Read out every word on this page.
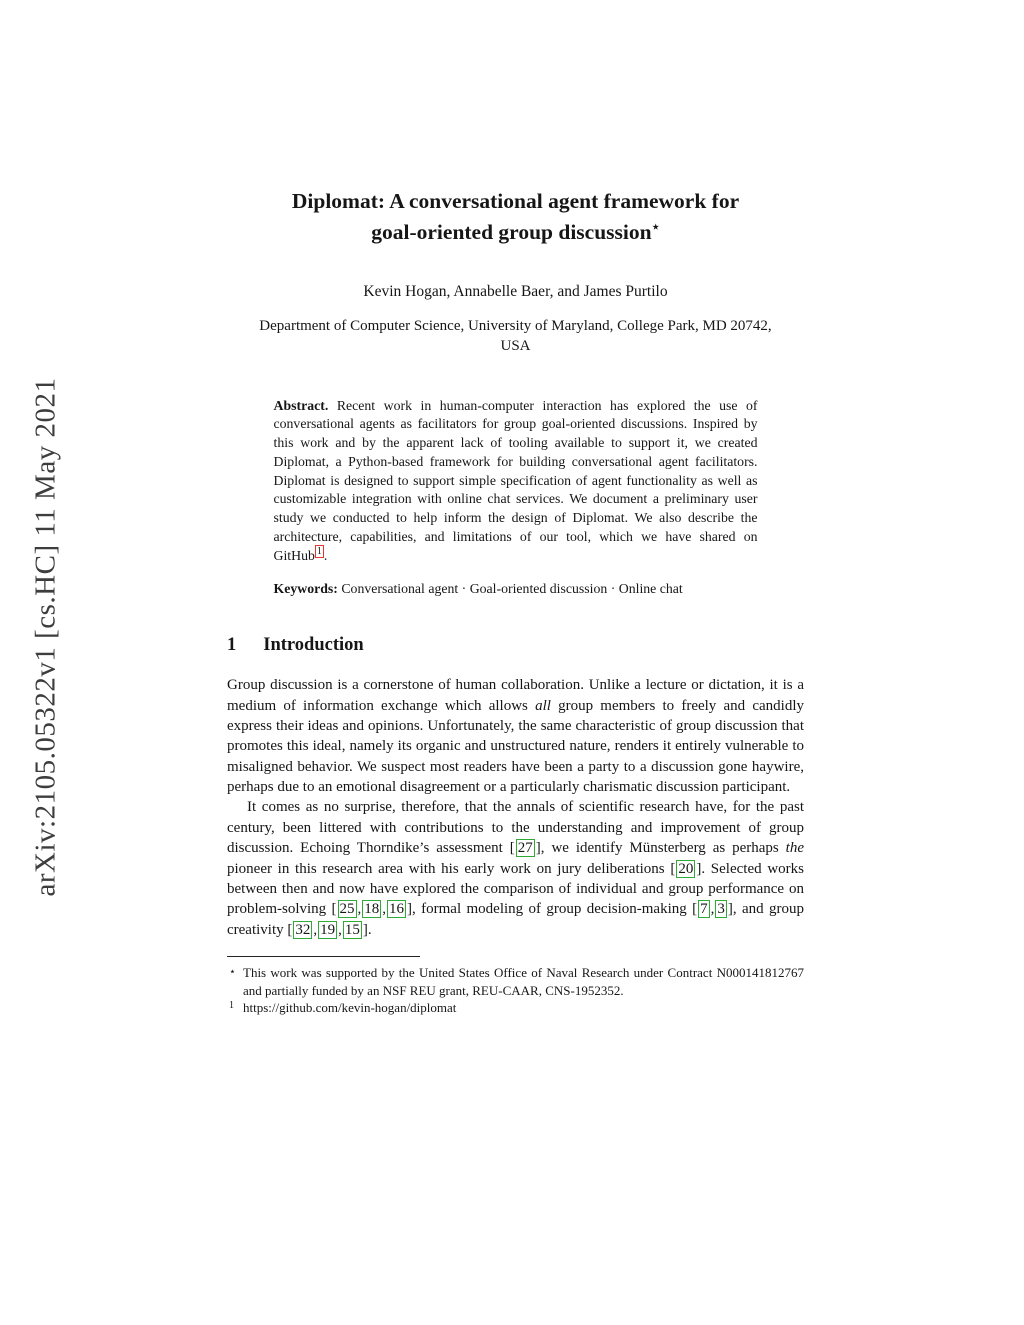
arXiv:2105.05322v1 [cs.HC] 11 May 2021
Diplomat: A conversational agent framework for
goal-oriented group discussion⋆
Kevin Hogan, Annabelle Baer, and James Purtilo
Department of Computer Science, University of Maryland, College Park, MD 20742,
USA
Abstract. Recent work in human-computer interaction has explored the use of conversational agents as facilitators for group goal-oriented discussions. Inspired by this work and by the apparent lack of tooling available to support it, we created Diplomat, a Python-based framework for building conversational agent facilitators. Diplomat is designed to support simple specification of agent functionality as well as customizable integration with online chat services. We document a preliminary user study we conducted to help inform the design of Diplomat. We also describe the architecture, capabilities, and limitations of our tool, which we have shared on GitHub $^1$ .
Keywords: Conversational agent · Goal-oriented discussion · Online chat
1 Introduction

Group discussion is a cornerstone of human collaboration. Unlike a lecture or dictation, it is a medium of information exchange which allows all group members to freely and candidly express their ideas and opinions. Unfortunately, the same characteristic of group discussion that promotes this ideal, namely its organic and unstructured nature, renders it entirely vulnerable to misaligned behavior. We suspect most readers have been a party to a discussion gone haywire, perhaps due to an emotional disagreement or a particularly charismatic discussion participant.

It comes as no surprise, therefore, that the annals of scientific research have, for the past century, been littered with contributions to the understanding and improvement of group discussion. Echoing Thorndike’s assessment [ 27 ], we identify Münsterberg as perhaps the pioneer in this research area with his early work on jury deliberations [ 20 ]. Selected works between then and now have explored the comparison of individual and group performance on problem-solving [ 25 , 18 , 16 ], formal modeling of group decision-making [ 7 , 3 ], and group creativity [ 32 , 19 , 15 ].

⋆ This work was supported by the United States Office of Naval Research under Contract N000141812767 and partially funded by an NSF REU grant, REU-CAAR, CNS-1952352.
1 https://github.com/kevin-hogan/diplomat
